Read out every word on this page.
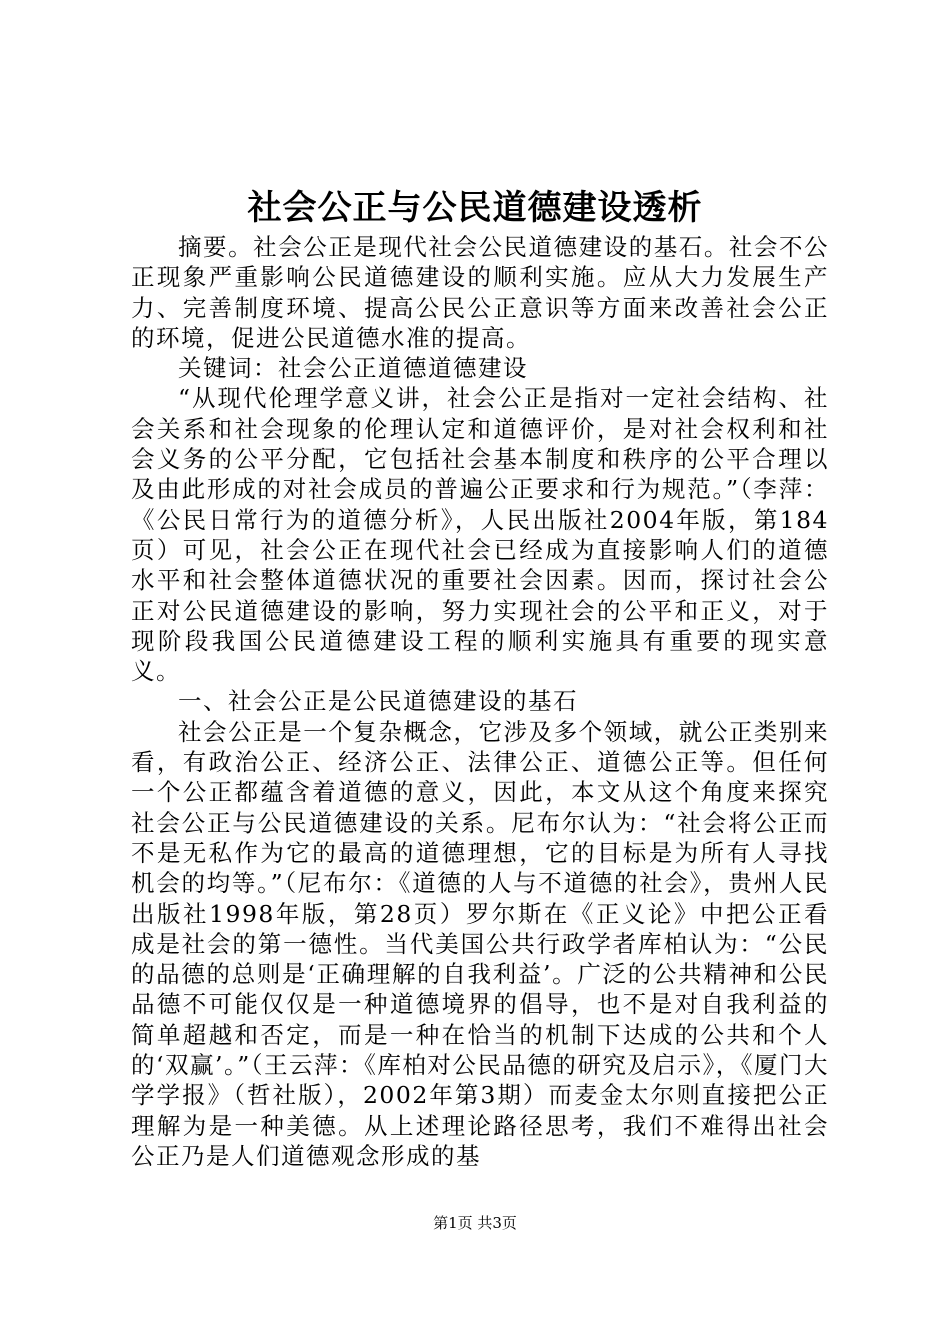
社会公正与公民道德建设透析

摘要。社会公正是现代社会公民道德建设的基石。社会不公正现象严重影响公民道德建设的顺利实施。应从大力发展生产力、完善制度环境、提高公民公正意识等方面来改善社会公正的环境，促进公民道德水准的提高。

关键词：社会公正道德道德建设

“从现代伦理学意义讲，社会公正是指对一定社会结构、社会关系和社会现象的伦理认定和道德评价，是对社会权利和社会义务的公平分配，它包括社会基本制度和秩序的公平合理以及由此形成的对社会成员的普遍公正要求和行为规范。”（李萍：《公民日常行为的道德分析》，人民出版社2004年版，第184页）可见，社会公正在现代社会已经成为直接影响人们的道德水平和社会整体道德状况的重要社会因素。因而，探讨社会公正对公民道德建设的影响，努力实现社会的公平和正义，对于现阶段我国公民道德建设工程的顺利实施具有重要的现实意义。

一、社会公正是公民道德建设的基石

社会公正是一个复杂概念，它涉及多个领域，就公正类别来看，有政治公正、经济公正、法律公正、道德公正等。但任何一个公正都蕴含着道德的意义，因此，本文从这个角度来探究社会公正与公民道德建设的关系。尼布尔认为：“社会将公正而不是无私作为它的最高的道德理想，它的目标是为所有人寻找机会的均等。”（尼布尔：《道德的人与不道德的社会》，贵州人民出版社1998年版，第28页）罗尔斯在《正义论》中把公正看成是社会的第一德性。当代美国公共行政学者库柏认为：“公民的品德的总则是‘正确理解的自我利益’。广泛的公共精神和公民品德不可能仅仅是一种道德境界的倡导，也不是对自我利益的简单超越和否定，而是一种在恰当的机制下达成的公共和个人的‘双赢’。”（王云萍：《库柏对公民品德的研究及启示》，《厦门大学学报》（哲社版），2002年第3期）而麦金太尔则直接把公正理解为是一种美德。从上述理论路径思考，我们不难得出社会公正乃是人们道德观念形成的基

第1页 共3页
